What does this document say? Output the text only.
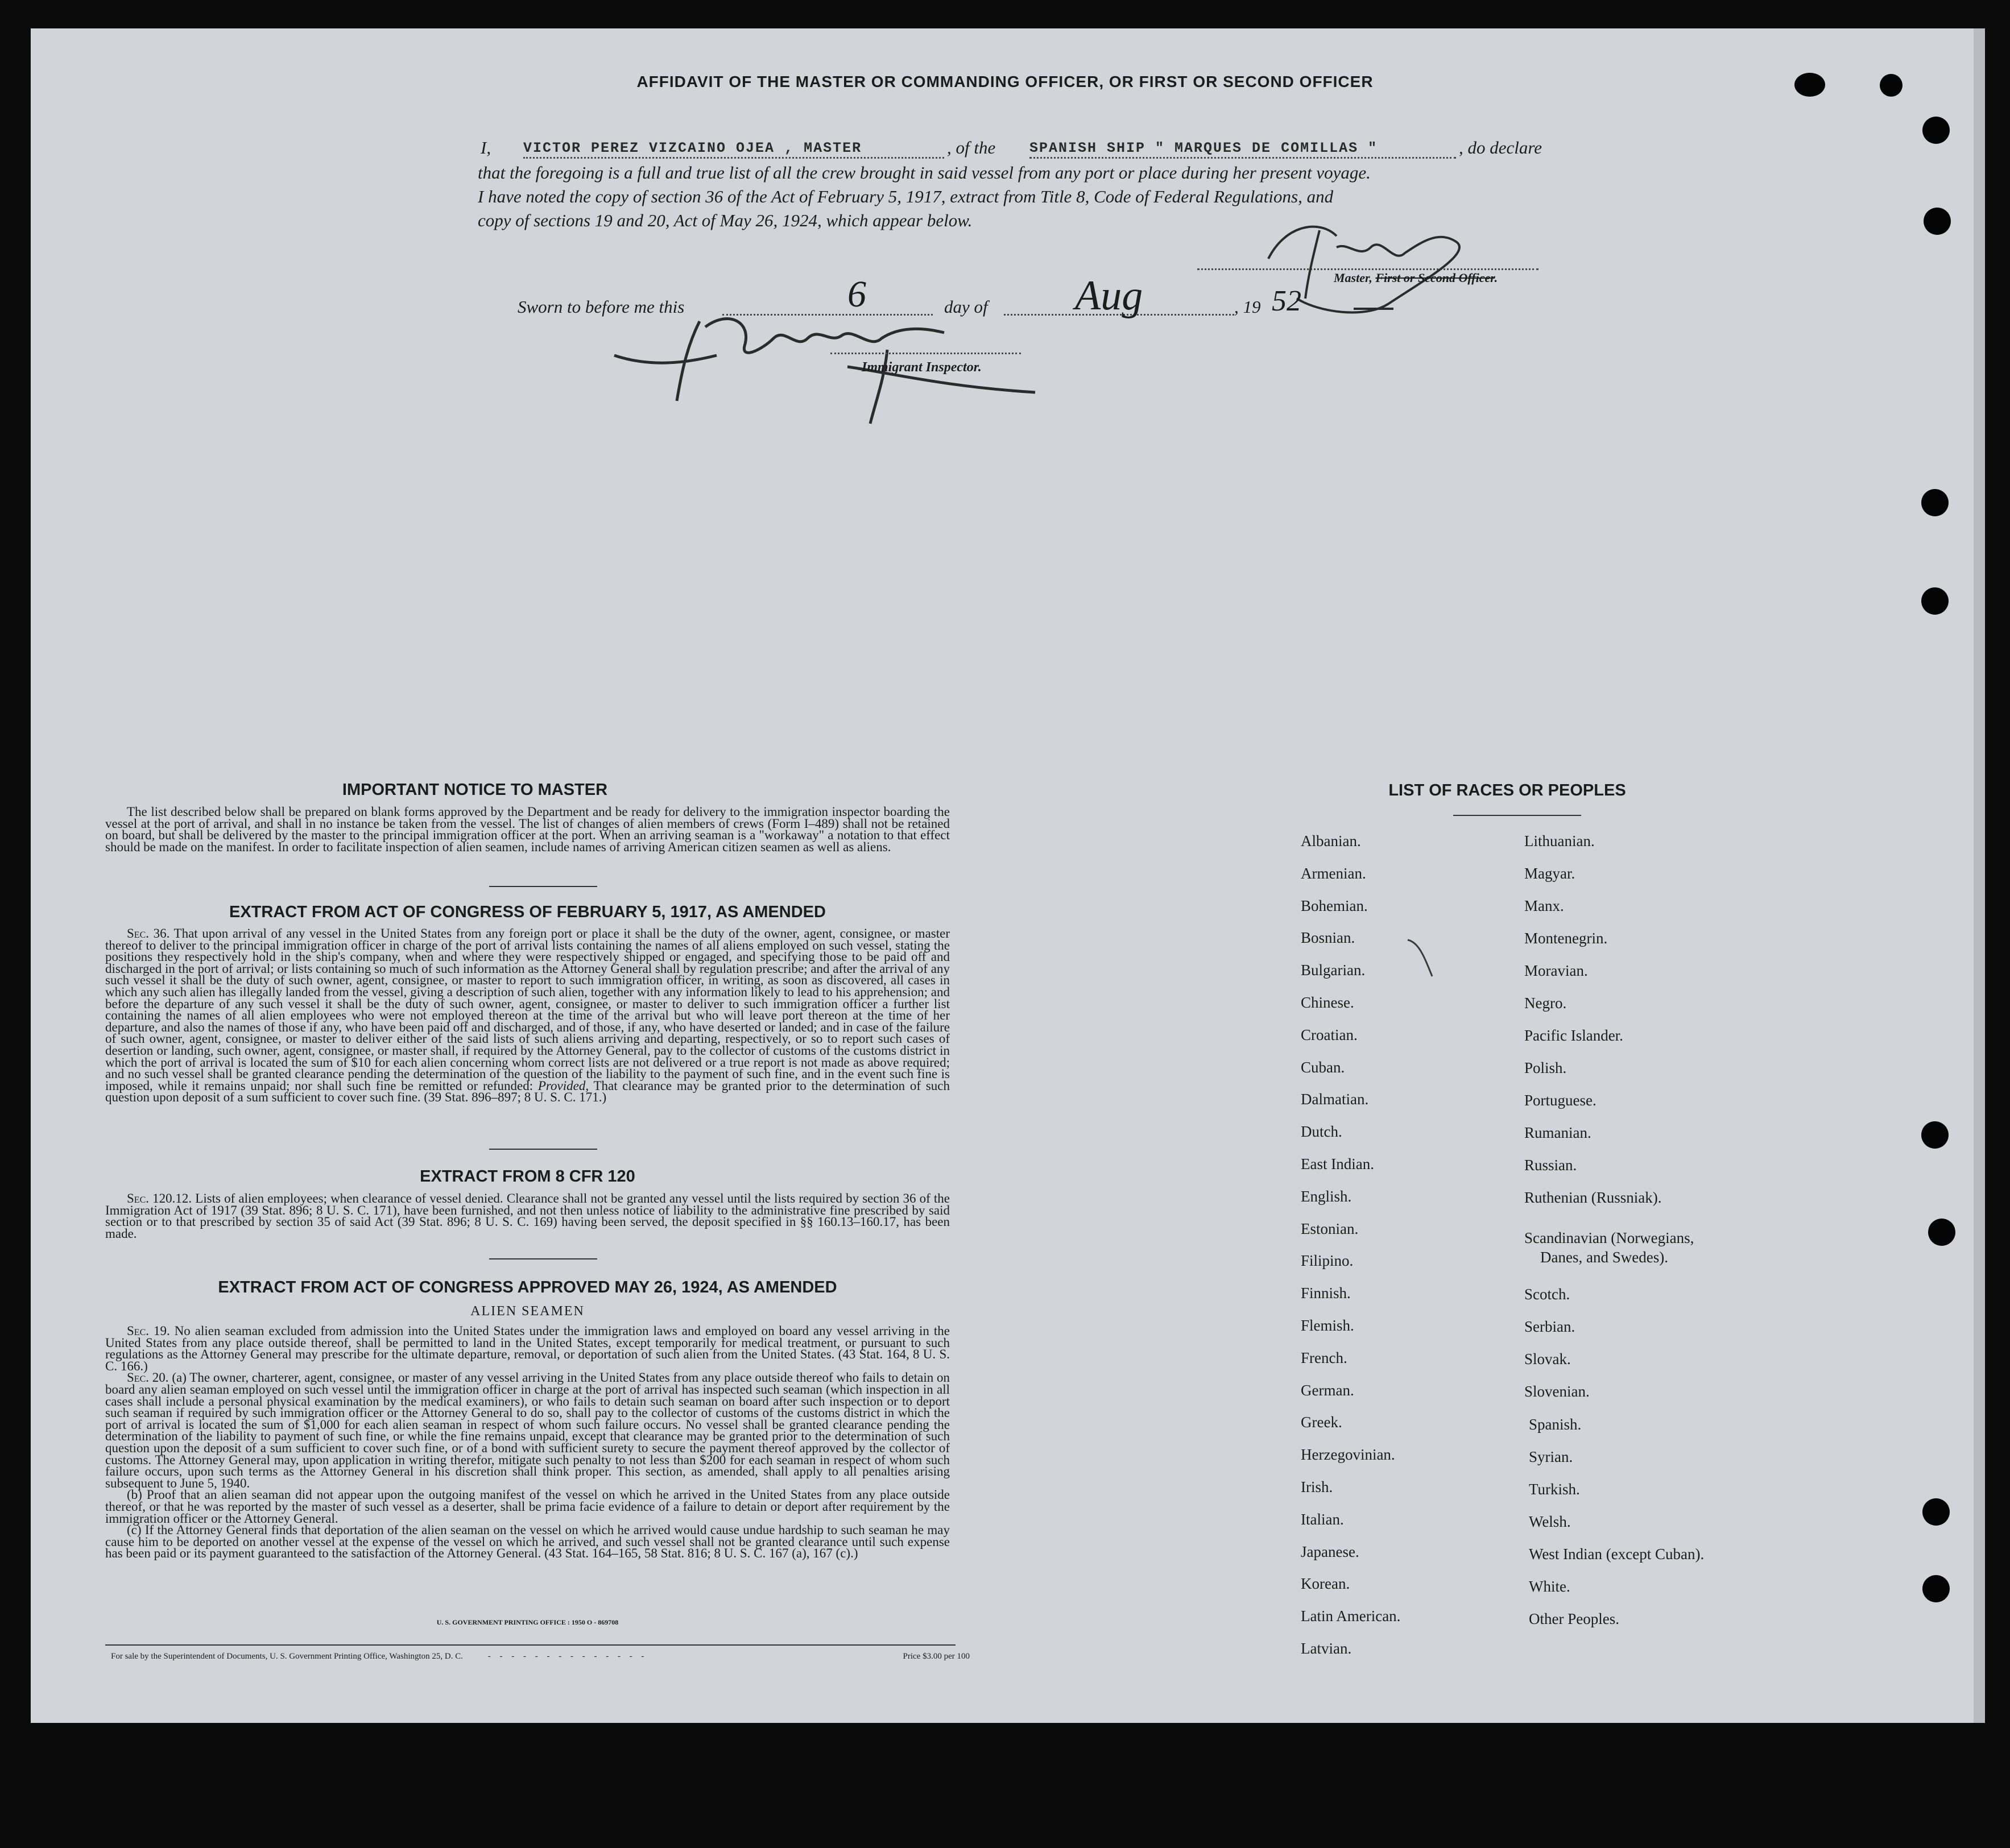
AFFIDAVIT OF THE MASTER OR COMMANDING OFFICER, OR FIRST OR SECOND OFFICER
I, VICTOR PEREZ VIZCAINO OJEA , MASTER	, of the SPANISH SHIP " MARQUES DE COMILLAS "	, do declare
that the foregoing is a full and true list of all the crew brought in said vessel from any port or place during her present voyage.
I have noted the copy of section 36 of the Act of February 5, 1917, extract from Title 8, Code of Federal Regulations, and
copy of sections 19 and 20, Act of May 26, 1924, which appear below.
Master, First or Second Officer.
Sworn to before me this	6	day of Aug	, 19 52
Immigrant Inspector.
IMPORTANT NOTICE TO MASTER
The list described below shall be prepared on blank forms approved by the Department and be ready for delivery to the immigration inspector boarding the vessel at the port of arrival, and shall in no instance be taken from the vessel. The list of changes of alien members of crews (Form I–489) shall not be retained on board, but shall be delivered by the master to the principal immigration officer at the port. When an arriving seaman is a "workaway" a notation to that effect should be made on the manifest. In order to facilitate inspection of alien seamen, include names of arriving American citizen seamen as well as aliens.
EXTRACT FROM ACT OF CONGRESS OF FEBRUARY 5, 1917, AS AMENDED
Sec. 36. That upon arrival of any vessel in the United States from any foreign port or place it shall be the duty of the owner, agent, consignee, or master thereof to deliver to the principal immigration officer in charge of the port of arrival lists containing the names of all aliens employed on such vessel, stating the positions they respectively hold in the ship's company, when and where they were respectively shipped or engaged, and specifying those to be paid off and discharged in the port of arrival; or lists containing so much of such information as the Attorney General shall by regulation prescribe; and after the arrival of any such vessel it shall be the duty of such owner, agent, consignee, or master to report to such immigration officer, in writing, as soon as discovered, all cases in which any such alien has illegally landed from the vessel, giving a description of such alien, together with any information likely to lead to his apprehension; and before the departure of any such vessel it shall be the duty of such owner, agent, consignee, or master to deliver to such immigration officer a further list containing the names of all alien employees who were not employed thereon at the time of the arrival but who will leave port thereon at the time of her departure, and also the names of those if any, who have been paid off and discharged, and of those, if any, who have deserted or landed; and in case of the failure of such owner, agent, consignee, or master to deliver either of the said lists of such aliens arriving and departing, respectively, or so to report such cases of desertion or landing, such owner, agent, consignee, or master shall, if required by the Attorney General, pay to the collector of customs of the customs district in which the port of arrival is located the sum of $10 for each alien concerning whom correct lists are not delivered or a true report is not made as above required; and no such vessel shall be granted clearance pending the determination of the question of the liability to the payment of such fine, and in the event such fine is imposed, while it remains unpaid; nor shall such fine be remitted or refunded: Provided, That clearance may be granted prior to the determination of such question upon deposit of a sum sufficient to cover such fine. (39 Stat. 896–897; 8 U. S. C. 171.)
EXTRACT FROM 8 CFR 120
Sec. 120.12. Lists of alien employees; when clearance of vessel denied. Clearance shall not be granted any vessel until the lists required by section 36 of the Immigration Act of 1917 (39 Stat. 896; 8 U. S. C. 171), have been furnished, and not then unless notice of liability to the administrative fine prescribed by said section or to that prescribed by section 35 of said Act (39 Stat. 896; 8 U. S. C. 169) having been served, the deposit specified in §§ 160.13–160.17, has been made.
EXTRACT FROM ACT OF CONGRESS APPROVED MAY 26, 1924, AS AMENDED
ALIEN SEAMEN
Sec. 19. No alien seaman excluded from admission into the United States under the immigration laws and employed on board any vessel arriving in the United States from any place outside thereof, shall be permitted to land in the United States, except temporarily for medical treatment, or pursuant to such regulations as the Attorney General may prescribe for the ultimate departure, removal, or deportation of such alien from the United States. (43 Stat. 164, 8 U. S. C. 166.)
Sec. 20. (a) The owner, charterer, agent, consignee, or master of any vessel arriving in the United States from any place outside thereof who fails to detain on board any alien seaman employed on such vessel until the immigration officer in charge at the port of arrival has inspected such seaman (which inspection in all cases shall include a personal physical examination by the medical examiners), or who fails to detain such seaman on board after such inspection or to deport such seaman if required by such immigration officer or the Attorney General to do so, shall pay to the collector of customs of the customs district in which the port of arrival is located the sum of $1,000 for each alien seaman in respect of whom such failure occurs. No vessel shall be granted clearance pending the determination of the liability to payment of such fine, or while the fine remains unpaid, except that clearance may be granted prior to the determination of such question upon the deposit of a sum sufficient to cover such fine, or of a bond with sufficient surety to secure the payment thereof approved by the collector of customs. The Attorney General may, upon application in writing therefor, mitigate such penalty to not less than $200 for each seaman in respect of whom such failure occurs, upon such terms as the Attorney General in his discretion shall think proper. This section, as amended, shall apply to all penalties arising subsequent to June 5, 1940.
(b) Proof that an alien seaman did not appear upon the outgoing manifest of the vessel on which he arrived in the United States from any place outside thereof, or that he was reported by the master of such vessel as a deserter, shall be prima facie evidence of a failure to detain or deport after requirement by the immigration officer or the Attorney General.
(c) If the Attorney General finds that deportation of the alien seaman on the vessel on which he arrived would cause undue hardship to such seaman he may cause him to be deported on another vessel at the expense of the vessel on which he arrived, and such vessel shall not be granted clearance until such expense has been paid or its payment guaranteed to the satisfaction of the Attorney General. (43 Stat. 164–165, 58 Stat. 816; 8 U. S. C. 167 (a), 167 (c).)
U. S. GOVERNMENT PRINTING OFFICE : 1950 O - 869708
For sale by the Superintendent of Documents, U. S. Government Printing Office, Washington 25, D. C.	- - - - - - - - - - - - - -	Price $3.00 per 100
LIST OF RACES OR PEOPLES
Albanian.
Armenian.
Bohemian.
Bosnian.
Bulgarian.
Chinese.
Croatian.
Cuban.
Dalmatian.
Dutch.
East Indian.
English.
Estonian.
Filipino.
Finnish.
Flemish.
French.
German.
Greek.
Herzegovinian.
Irish.
Italian.
Japanese.
Korean.
Latin American.
Latvian.
Lithuanian.
Magyar.
Manx.
Montenegrin.
Moravian.
Negro.
Pacific Islander.
Polish.
Portuguese.
Rumanian.
Russian.
Ruthenian (Russniak).
Scandinavian (Norwegians,
Danes, and Swedes).
Scotch.
Serbian.
Slovak.
Slovenian.
Spanish.
Syrian.
Turkish.
Welsh.
West Indian (except Cuban).
White.
Other Peoples.
